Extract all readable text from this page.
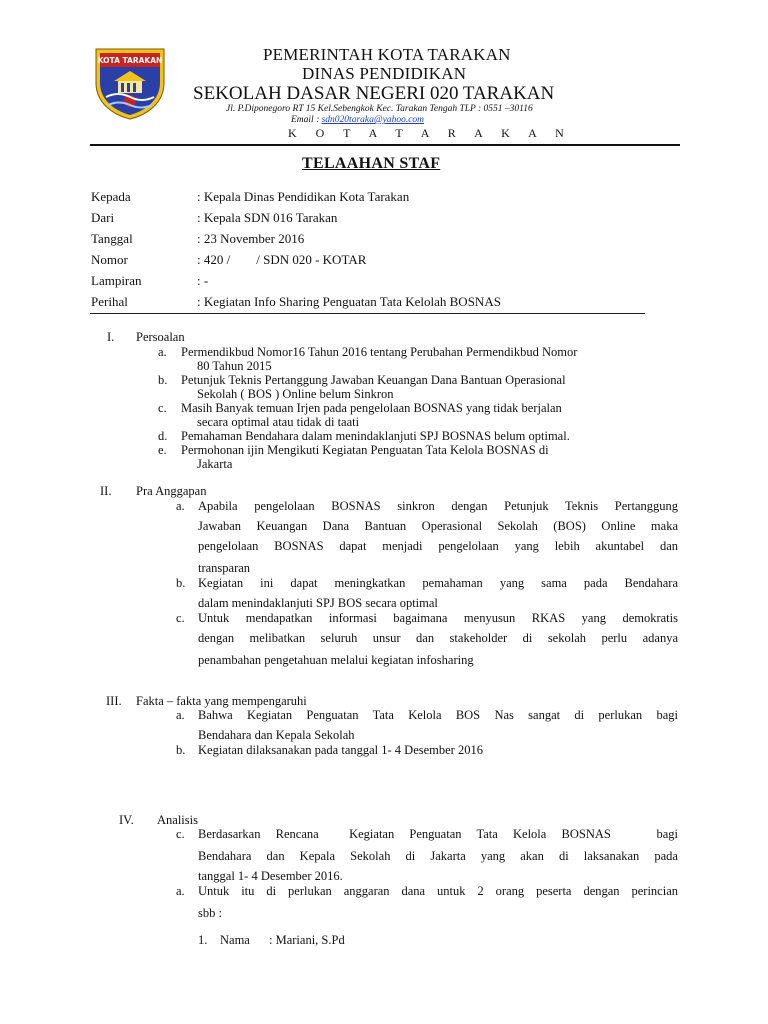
KOTA TARAKAN	PEMERINTAH KOTA TARAKAN
DINAS PENDIDIKAN
SEKOLAH DASAR NEGERI 020 TARAKAN
Jl. P.Diponegoro RT 15 Kel.Sebengkok Kec. Tarakan Tengah TLP : 0551 –30116
Email : sdn020taraka@yahoo.com
K O T A T A R A K A N
TELAAHAN STAF
Kepada	: Kepala Dinas Pendidikan Kota Tarakan
Dari	: Kepala SDN 016 Tarakan
Tanggal	: 23 November 2016
Nomor	: 420 /        / SDN 020 - KOTAR
Lampiran	: -
Perihal	: Kegiatan Info Sharing Penguatan Tata Kelolah BOSNAS
I. Persoalan
a. Permendikbud Nomor16 Tahun 2016 tentang Perubahan Permendikbud Nomor
80 Tahun 2015
b. Petunjuk Teknis Pertanggung Jawaban Keuangan Dana Bantuan Operasional
Sekolah ( BOS ) Online belum Sinkron
c. Masih Banyak temuan Irjen pada pengelolaan BOSNAS yang tidak berjalan
secara optimal atau tidak di taati
d. Pemahaman Bendahara dalam menindaklanjuti SPJ BOSNAS belum optimal.
e. Permohonan ijin Mengikuti Kegiatan Penguatan Tata Kelola BOSNAS di
Jakarta
II. Pra Anggapan
a. Apabila pengelolaan BOSNAS sinkron dengan Petunjuk Teknis Pertanggung
Jawaban Keuangan Dana Bantuan Operasional Sekolah (BOS) Online maka
pengelolaan BOSNAS dapat menjadi pengelolaan yang lebih akuntabel dan
transparan
b. Kegiatan ini dapat meningkatkan pemahaman yang sama pada Bendahara
dalam menindaklanjuti SPJ BOS secara optimal
c. Untuk mendapatkan informasi bagaimana menyusun RKAS yang demokratis
dengan melibatkan seluruh unsur dan stakeholder di sekolah perlu adanya
penambahan pengetahuan melalui kegiatan infosharing
III. Fakta – fakta yang mempengaruhi
a. Bahwa Kegiatan Penguatan Tata Kelola BOS Nas sangat di perlukan bagi
Bendahara dan Kepala Sekolah
b. Kegiatan dilaksanakan pada tanggal 1- 4 Desember 2016
IV. Analisis
c. Berdasarkan Rencana  Kegiatan Penguatan Tata Kelola BOSNAS   bagi
Bendahara dan Kepala Sekolah di Jakarta yang akan di laksanakan pada
tanggal 1- 4 Desember 2016.
a. Untuk itu di perlukan anggaran dana untuk 2 orang peserta dengan perincian
sbb :
1. Nama : Mariani, S.Pd
